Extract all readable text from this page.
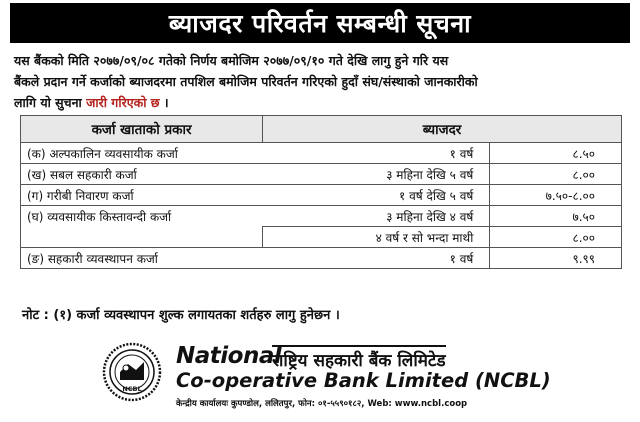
ब्याजदर परिवर्तन सम्बन्धी सूचना
यस बैंकको मिति २०७७/०९/०८ गतेको निर्णय बमोजिम २०७७/०९/१० गते देखि लागु हुने गरि यस
बैंकले प्रदान गर्ने कर्जाको ब्याजदरमा तपशिल बमोजिम परिवर्तन गरिएको हुदाँ संघ/संस्थाको जानकारीको
लागि यो सुचना जारी गरिएको छ ।
कर्जा खाताको प्रकार	ब्याजदर	
(क) अल्पकालिन व्यवसायीक कर्जा	१ वर्ष	८.५०
(ख) सबल सहकारी कर्जा	३ महिना देखि ५ वर्ष	८.००
(ग) गरीबी निवारण कर्जा	१ वर्ष देखि ५ वर्ष	७.५०-८.००
(घ) व्यवसायीक किस्तावन्दी कर्जा	३ महिना देखि ४ वर्ष	७.५०
	४ वर्ष र सो भन्दा माथी	८.००
(ङ) सहकारी व्यवस्थापन कर्जा	१ वर्ष	९.९९
नोट : (१) कर्जा व्यवस्थापन शुल्क लगायतका शर्तहरु लागु हुनेछन ।
NCBL
National
राष्ट्रिय सहकारी बैंक लिमिटेड
Co-operative Bank Limited (NCBL)
केन्द्रीय कार्यालयः कुपण्डोल, ललितपुर, फोन: ०१-५५९०१८२, Web: www.ncbl.coop
